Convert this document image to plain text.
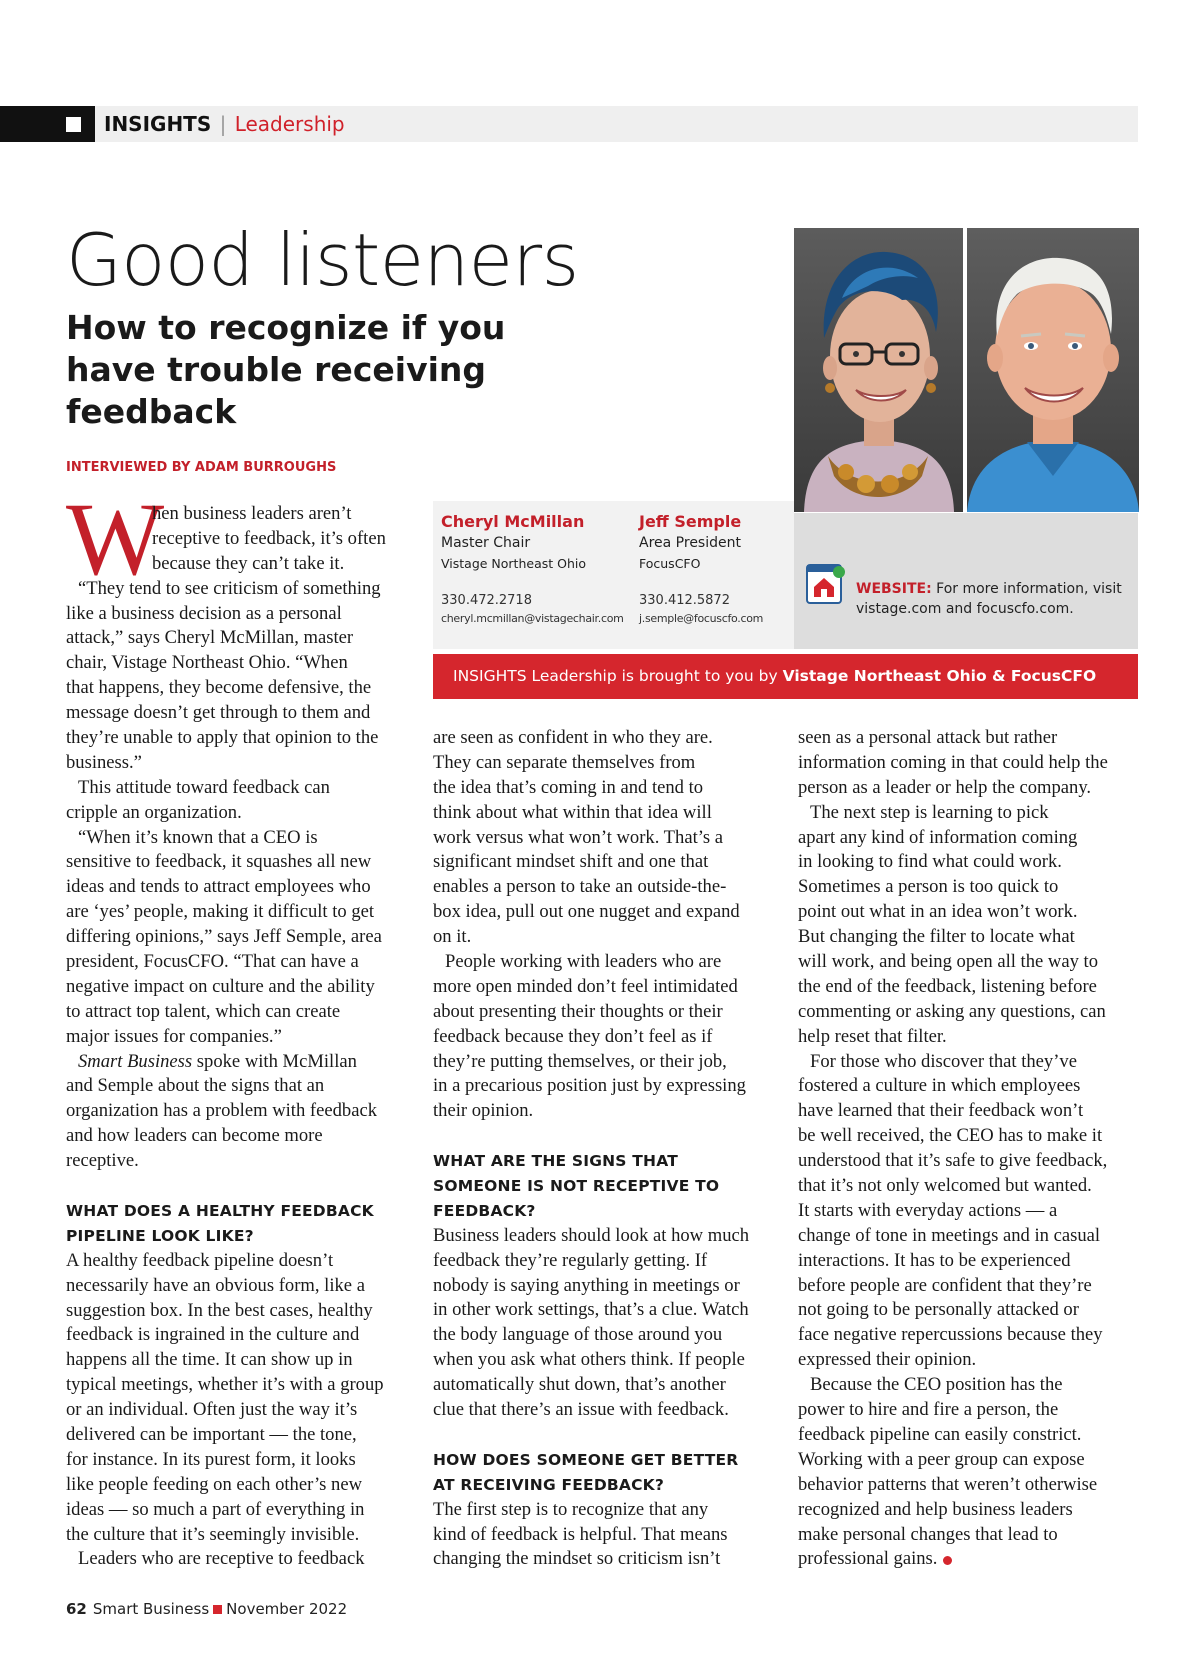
INSIGHTS | Leadership
Good listeners
How to recognize if you have trouble receiving feedback
INTERVIEWED BY ADAM BURROUGHS
Cheryl McMillan
Master Chair
Vistage Northeast Ohio
330.472.2718
cheryl.mcmillan@vistagechair.com
Jeff Semple
Area President
FocusCFO
330.412.5872
j.semple@focuscfo.com
WEBSITE: For more information, visit vistage.com and focuscfo.com.
INSIGHTS Leadership is brought to you by Vistage Northeast Ohio & FocusCFO
W
hen business leaders aren’t
receptive to feedback, it’s often
because they can’t take it.
“They tend to see criticism of something
like a business decision as a personal
attack,” says Cheryl McMillan, master
chair, Vistage Northeast Ohio. “When
that happens, they become defensive, the
message doesn’t get through to them and
they’re unable to apply that opinion to the
business.”
This attitude toward feedback can
cripple an organization.
“When it’s known that a CEO is
sensitive to feedback, it squashes all new
ideas and tends to attract employees who
are ‘yes’ people, making it difficult to get
differing opinions,” says Jeff Semple, area
president, FocusCFO. “That can have a
negative impact on culture and the ability
to attract top talent, which can create
major issues for companies.”
Smart Business spoke with McMillan
and Semple about the signs that an
organization has a problem with feedback
and how leaders can become more
receptive.
WHAT DOES A HEALTHY FEEDBACK
PIPELINE LOOK LIKE?
A healthy feedback pipeline doesn’t
necessarily have an obvious form, like a
suggestion box. In the best cases, healthy
feedback is ingrained in the culture and
happens all the time. It can show up in
typical meetings, whether it’s with a group
or an individual. Often just the way it’s
delivered can be important — the tone,
for instance. In its purest form, it looks
like people feeding on each other’s new
ideas — so much a part of everything in
the culture that it’s seemingly invisible.
Leaders who are receptive to feedback
are seen as confident in who they are.
They can separate themselves from
the idea that’s coming in and tend to
think about what within that idea will
work versus what won’t work. That’s a
significant mindset shift and one that
enables a person to take an outside-the-
box idea, pull out one nugget and expand
on it.
People working with leaders who are
more open minded don’t feel intimidated
about presenting their thoughts or their
feedback because they don’t feel as if
they’re putting themselves, or their job,
in a precarious position just by expressing
their opinion.
WHAT ARE THE SIGNS THAT
SOMEONE IS NOT RECEPTIVE TO
FEEDBACK?
Business leaders should look at how much
feedback they’re regularly getting. If
nobody is saying anything in meetings or
in other work settings, that’s a clue. Watch
the body language of those around you
when you ask what others think. If people
automatically shut down, that’s another
clue that there’s an issue with feedback.
HOW DOES SOMEONE GET BETTER
AT RECEIVING FEEDBACK?
The first step is to recognize that any
kind of feedback is helpful. That means
changing the mindset so criticism isn’t
seen as a personal attack but rather
information coming in that could help the
person as a leader or help the company.
The next step is learning to pick
apart any kind of information coming
in looking to find what could work.
Sometimes a person is too quick to
point out what in an idea won’t work.
But changing the filter to locate what
will work, and being open all the way to
the end of the feedback, listening before
commenting or asking any questions, can
help reset that filter.
For those who discover that they’ve
fostered a culture in which employees
have learned that their feedback won’t
be well received, the CEO has to make it
understood that it’s safe to give feedback,
that it’s not only welcomed but wanted.
It starts with everyday actions — a
change of tone in meetings and in casual
interactions. It has to be experienced
before people are confident that they’re
not going to be personally attacked or
face negative repercussions because they
expressed their opinion.
Because the CEO position has the
power to hire and fire a person, the
feedback pipeline can easily constrict.
Working with a peer group can expose
behavior patterns that weren’t otherwise
recognized and help business leaders
make personal changes that lead to
professional gains.
62 Smart Business November 2022
